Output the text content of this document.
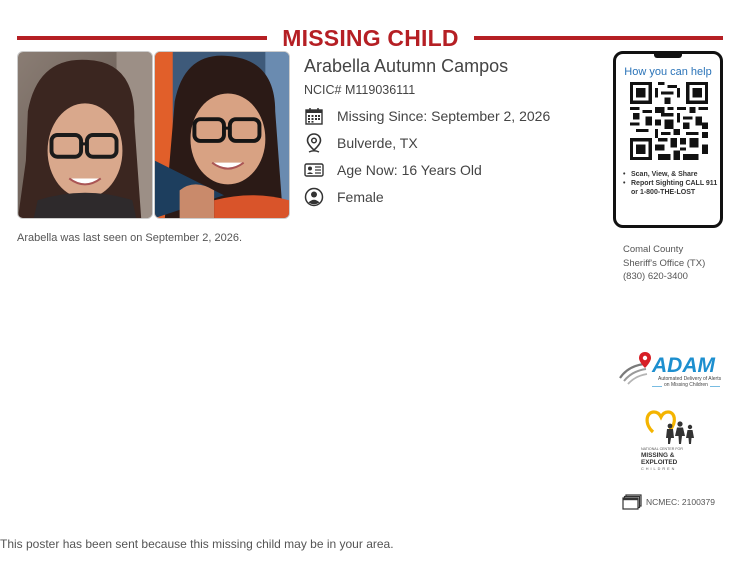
MISSING CHILD
Arabella was last seen on September 2, 2026.
Arabella Autumn Campos
NCIC# M119036111
Missing Since: September 2, 2026
Bulverde, TX
Age Now: 16 Years Old
Female
How you can help
• Scan, View, & Share
• Report Sighting CALL 911 or 1-800-THE-LOST
Comal County
Sheriff's Office (TX)
(830) 620-3400
ADAM
Automated Delivery of Alerts
on Missing Children
NATIONAL CENTER FOR
MISSING &
EXPLOITED
CHILDREN
NCMEC: 2100379
This poster has been sent because this missing child may be in your area.
